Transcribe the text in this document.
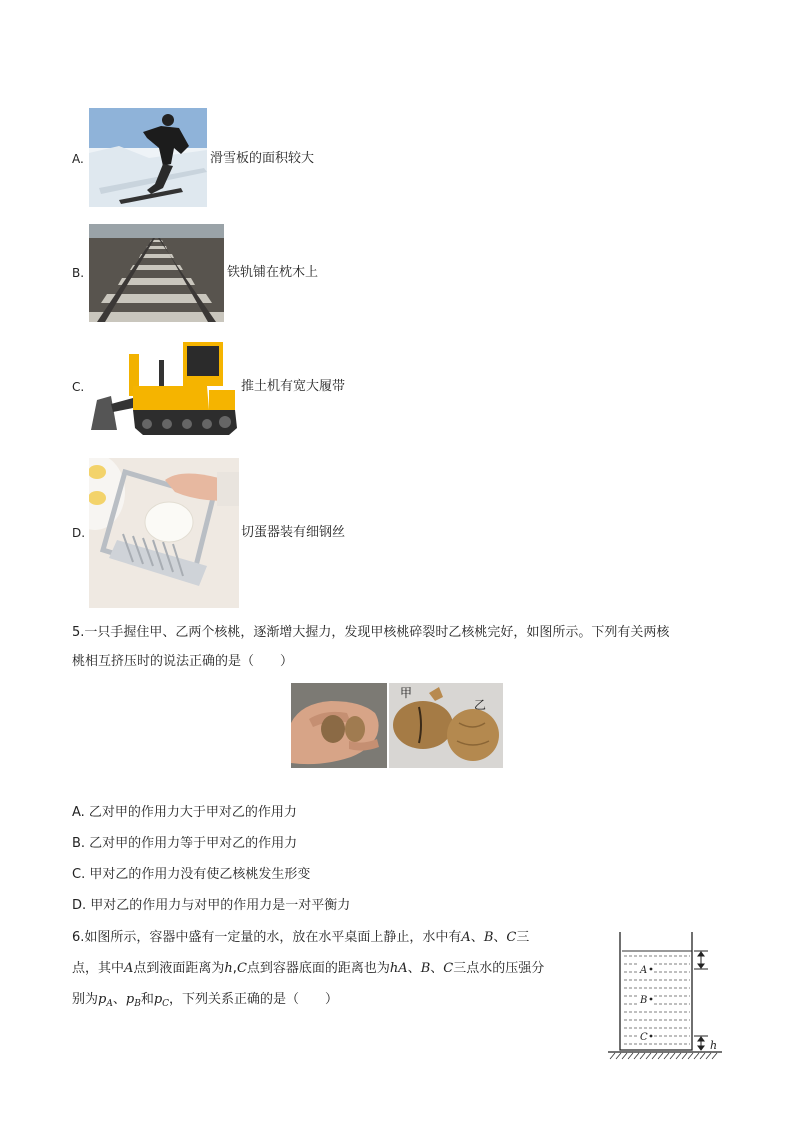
A.	滑雪板的面积较大
B.	铁轨铺在枕木上
C.	推土机有宽大履带
D.	切蛋器装有细钢丝
5.一只手握住甲、乙两个核桃，逐渐增大握力，发现甲核桃碎裂时乙核桃完好，如图所示。下列有关两核
桃相互挤压时的说法正确的是（　　）
甲
乙
A. 乙对甲的作用力大于甲对乙的作用力
B. 乙对甲的作用力等于甲对乙的作用力
C. 甲对乙的作用力没有使乙核桃发生形变
D. 甲对乙的作用力与对甲的作用力是一对平衡力
6.如图所示，容器中盛有一定量的水，放在水平桌面上静止，水中有A、B、C三
点，其中A点到液面距离为h,C点到容器底面的距离也为hA、B、C三点水的压强分
别为$p_A$、$p_B$和$p_C$，下列关系正确的是（　　）
A
B
C
h
